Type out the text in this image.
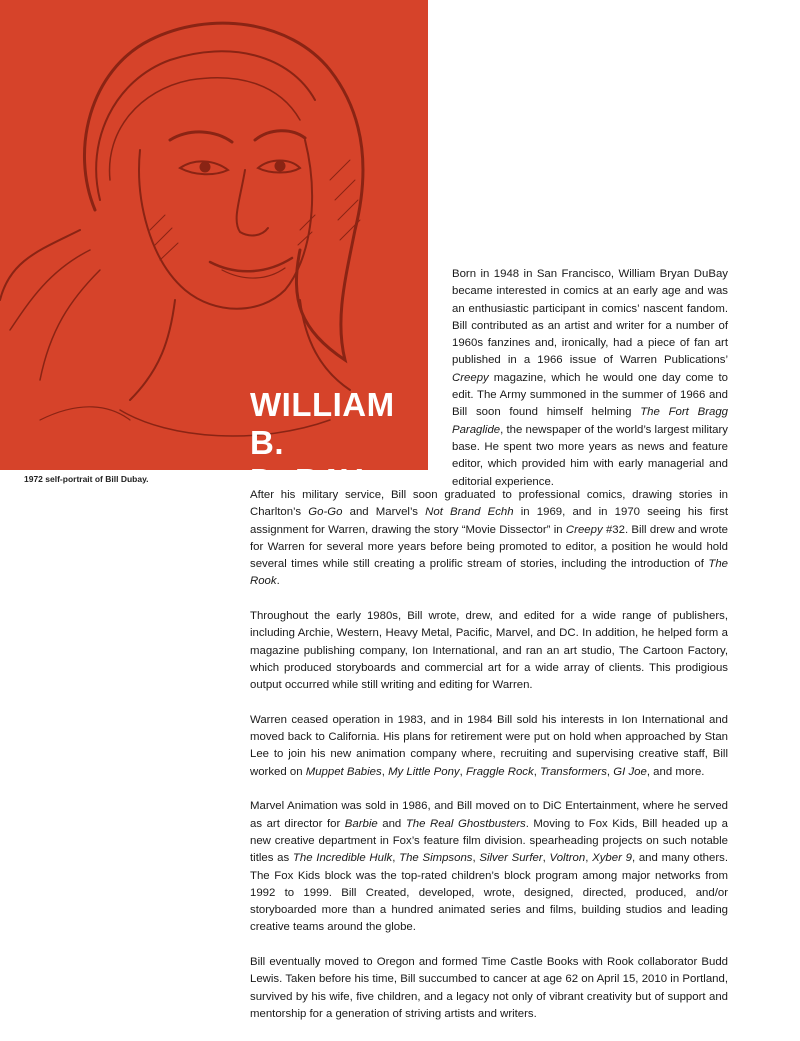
WILLIAM B.
DuBAY

1972 self-portrait of Bill Dubay.

Born in 1948 in San Francisco, William Bryan DuBay became interested in comics at an early age and was an enthusiastic participant in comics’ nascent fandom. Bill contributed as an artist and writer for a number of 1960s fanzines and, ironically, had a piece of fan art published in a 1966 issue of Warren Publications’ Creepy magazine, which he would one day come to edit. The Army summoned in the summer of 1966 and Bill soon found himself helming The Fort Bragg Paraglide, the newspaper of the world’s largest military base. He spent two more years as news and feature editor, which provided him with early managerial and editorial experience.

After his military service, Bill soon graduated to professional comics, drawing stories in Charlton’s Go-Go and Marvel’s Not Brand Echh in 1969, and in 1970 seeing his first assignment for Warren, drawing the story “Movie Dissector” in Creepy #32. Bill drew and wrote for Warren for several more years before being promoted to editor, a position he would hold several times while still creating a prolific stream of stories, including the introduction of The Rook.

Throughout the early 1980s, Bill wrote, drew, and edited for a wide range of publishers, including Archie, Western, Heavy Metal, Pacific, Marvel, and DC. In addition, he helped form a magazine publishing company, Ion International, and ran an art studio, The Cartoon Factory, which produced storyboards and commercial art for a wide array of clients. This prodigious output occurred while still writing and editing for Warren.

Warren ceased operation in 1983, and in 1984 Bill sold his interests in Ion International and moved back to California. His plans for retirement were put on hold when approached by Stan Lee to join his new animation company where, recruiting and supervising creative staff, Bill worked on Muppet Babies, My Little Pony, Fraggle Rock, Transformers, GI Joe, and more.

Marvel Animation was sold in 1986, and Bill moved on to DiC Entertainment, where he served as art director for Barbie and The Real Ghostbusters. Moving to Fox Kids, Bill headed up a new creative department in Fox’s feature film division. spearheading projects on such notable titles as The Incredible Hulk, The Simpsons, Silver Surfer, Voltron, Xyber 9, and many others. The Fox Kids block was the top-rated children’s block program among major networks from 1992 to 1999. Bill Created, developed, wrote, designed, directed, produced, and/or storyboarded more than a hundred animated series and films, building studios and leading creative teams around the globe.

Bill eventually moved to Oregon and formed Time Castle Books with Rook collaborator Budd Lewis. Taken before his time, Bill succumbed to cancer at age 62 on April 15, 2010 in Portland, survived by his wife, five children, and a legacy not only of vibrant creativity but of support and mentorship for a generation of striving artists and writers.
